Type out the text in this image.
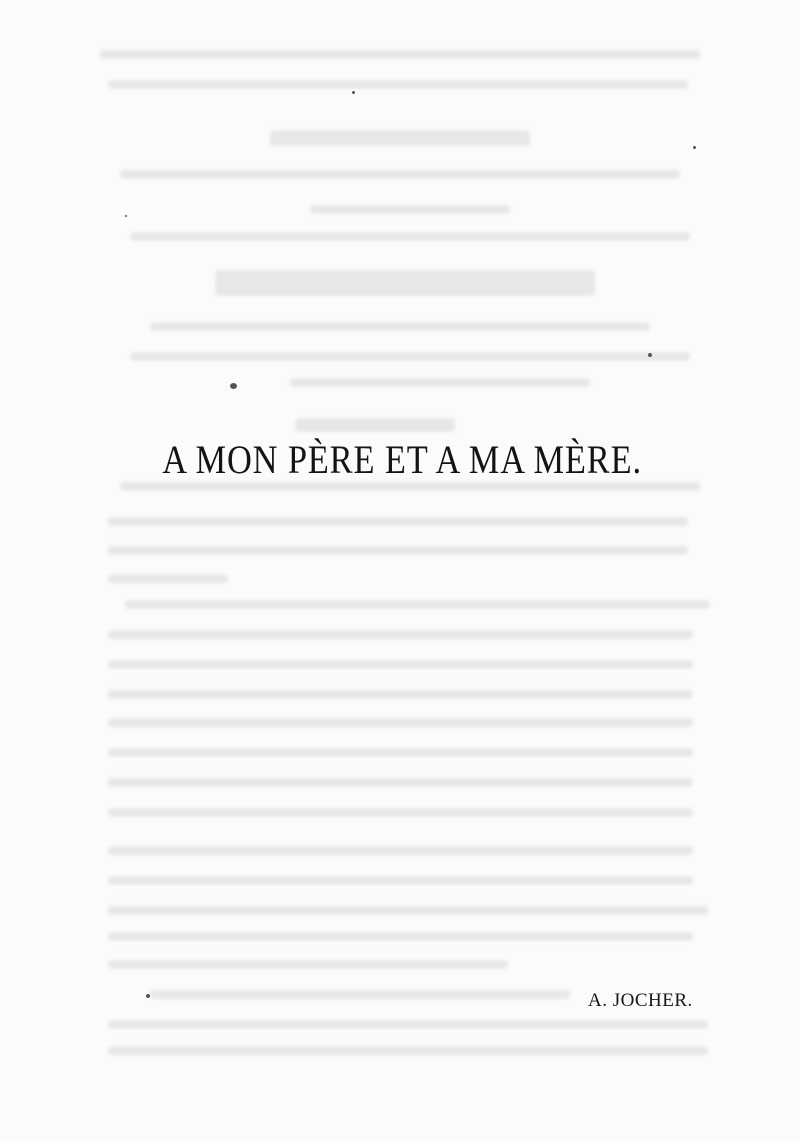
A MON PÈRE ET A MA MÈRE.

A. JOCHER.
